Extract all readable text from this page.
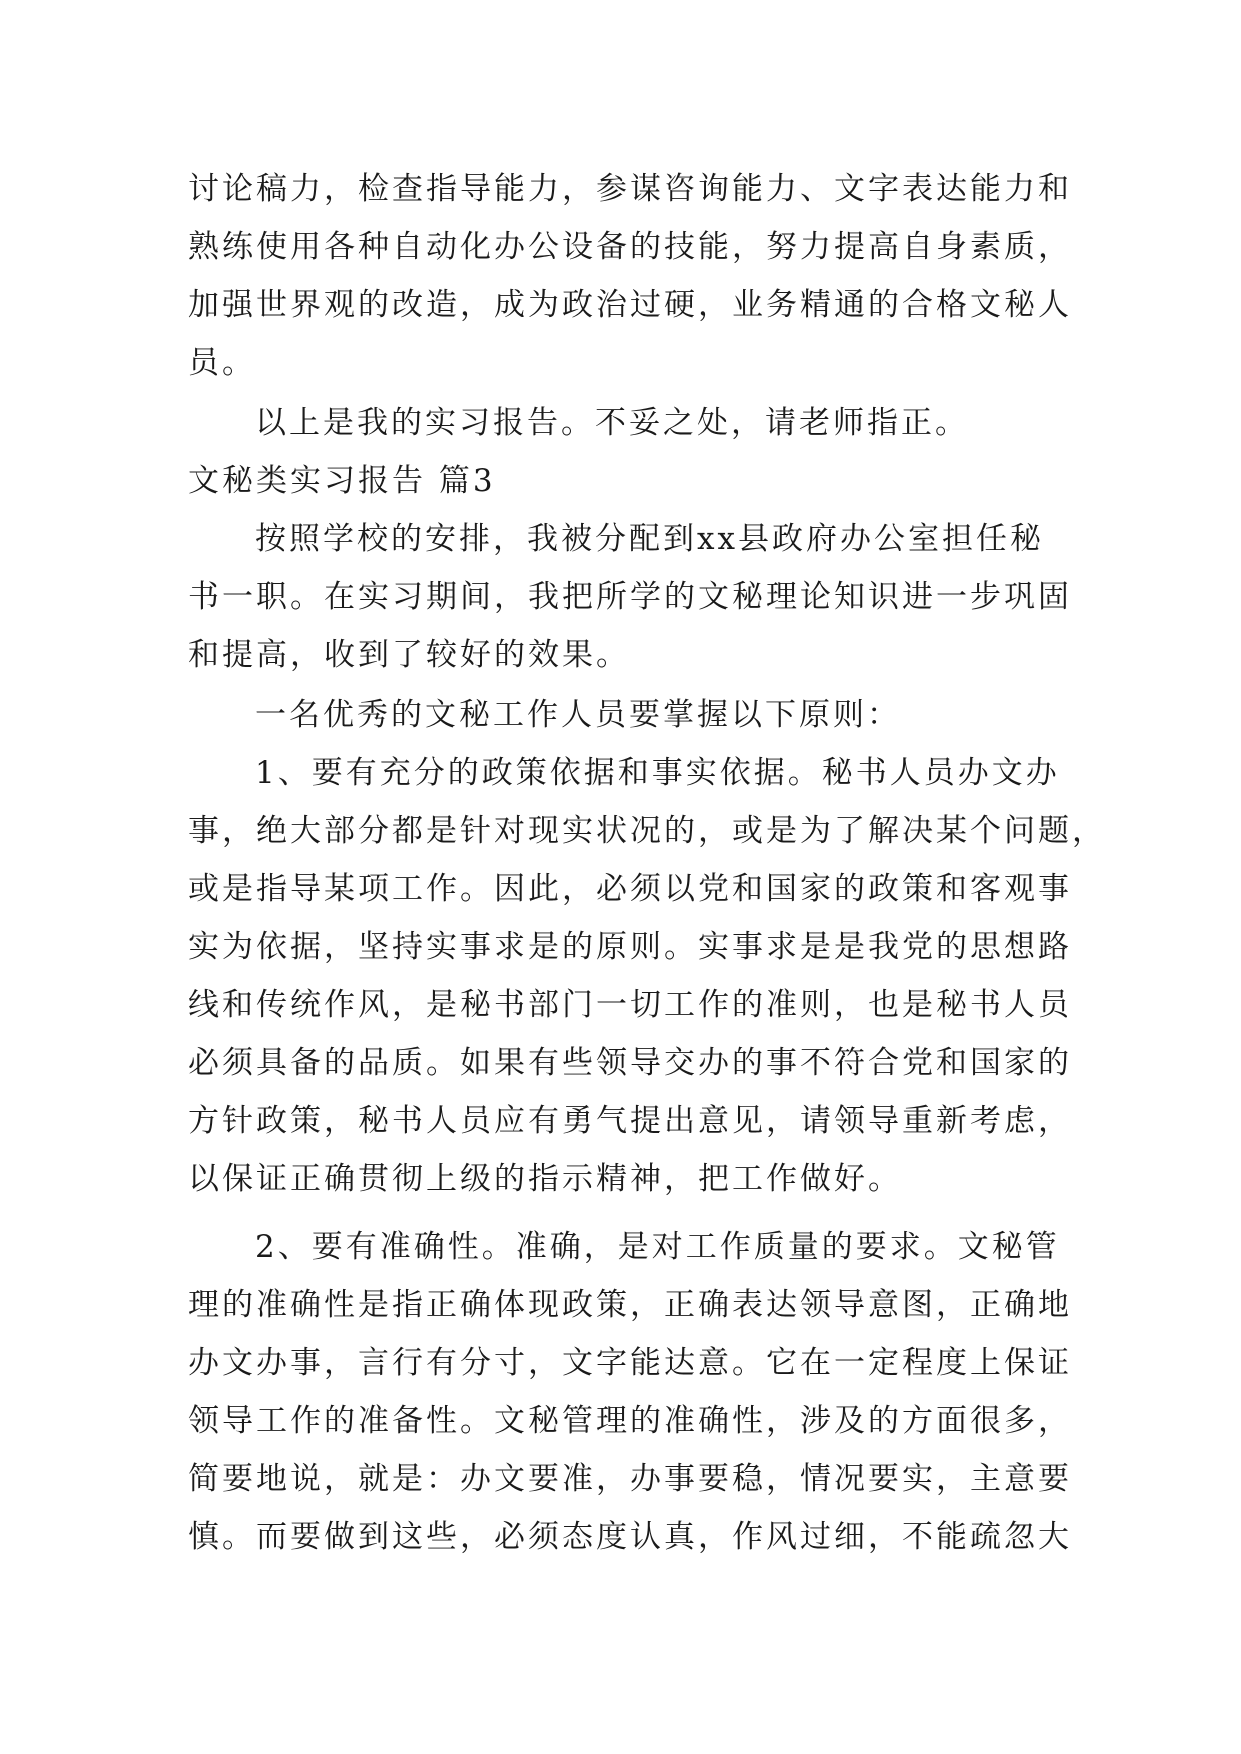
讨论稿力，检查指导能力，参谋咨询能力、文字表达能力和
熟练使用各种自动化办公设备的技能，努力提高自身素质，
加强世界观的改造，成为政治过硬，业务精通的合格文秘人
员。
以上是我的实习报告。不妥之处，请老师指正。
文秘类实习报告 篇3
按照学校的安排，我被分配到xx县政府办公室担任秘
书一职。在实习期间，我把所学的文秘理论知识进一步巩固
和提高，收到了较好的效果。
一名优秀的文秘工作人员要掌握以下原则：
1、要有充分的政策依据和事实依据。秘书人员办文办
事，绝大部分都是针对现实状况的，或是为了解决某个问题，
或是指导某项工作。因此，必须以党和国家的政策和客观事
实为依据，坚持实事求是的原则。实事求是是我党的思想路
线和传统作风，是秘书部门一切工作的准则，也是秘书人员
必须具备的品质。如果有些领导交办的事不符合党和国家的
方针政策，秘书人员应有勇气提出意见，请领导重新考虑，
以保证正确贯彻上级的指示精神，把工作做好。
2、要有准确性。准确，是对工作质量的要求。文秘管
理的准确性是指正确体现政策，正确表达领导意图，正确地
办文办事，言行有分寸，文字能达意。它在一定程度上保证
领导工作的准备性。文秘管理的准确性，涉及的方面很多，
简要地说，就是：办文要准，办事要稳，情况要实，主意要
慎。而要做到这些，必须态度认真，作风过细，不能疏忽大
